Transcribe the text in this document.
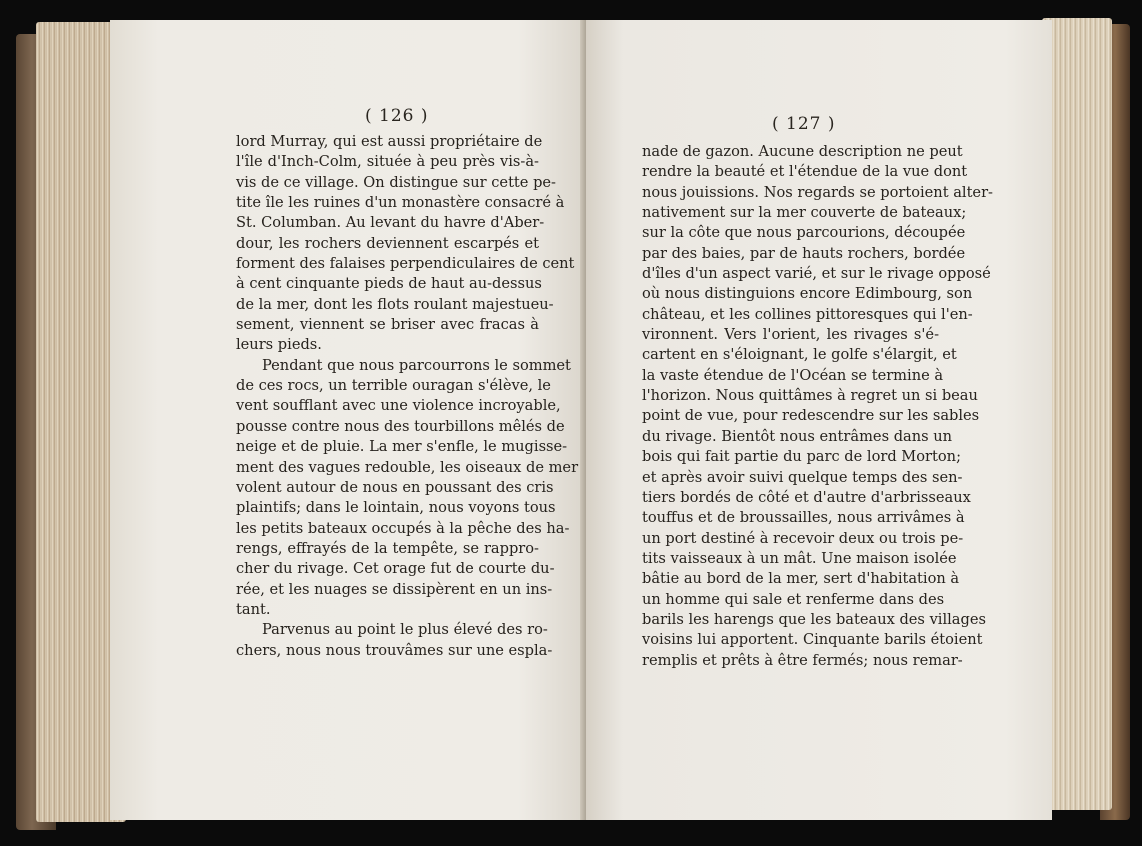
( 126 )
lord Murray, qui est aussi propriétaire de
l'île d'Inch-Colm, située à peu près vis-à-
vis de ce village. On distingue sur cette pe-
tite île les ruines d'un monastère consacré à
St. Columban. Au levant du havre d'Aber-
dour, les rochers deviennent escarpés et
forment des falaises perpendiculaires de cent
à cent cinquante pieds de haut au-dessus
de la mer, dont les flots roulant majestueu-
sement, viennent se briser avec fracas à
leurs pieds.
Pendant que nous parcourrons le sommet
de ces rocs, un terrible ouragan s'élève, le
vent soufflant avec une violence incroyable,
pousse contre nous des tourbillons mêlés de
neige et de pluie. La mer s'enfle, le mugisse-
ment des vagues redouble, les oiseaux de mer
volent autour de nous en poussant des cris
plaintifs; dans le lointain, nous voyons tous
les petits bateaux occupés à la pêche des ha-
rengs, effrayés de la tempête, se rappro-
cher du rivage. Cet orage fut de courte du-
rée, et les nuages se dissipèrent en un ins-
tant.
Parvenus au point le plus élevé des ro-
chers, nous nous trouvâmes sur une espla-
( 127 )
nade de gazon. Aucune description ne peut
rendre la beauté et l'étendue de la vue dont
nous jouissions. Nos regards se portoient alter-
nativement sur la mer couverte de bateaux;
sur la côte que nous parcourions, découpée
par des baies, par de hauts rochers, bordée
d'îles d'un aspect varié, et sur le rivage opposé
où nous distinguions encore Edimbourg, son
château, et les collines pittoresques qui l'en-
vironnent. Vers l'orient, les rivages s'é-
cartent en s'éloignant, le golfe s'élargit, et
la vaste étendue de l'Océan se termine à
l'horizon. Nous quittâmes à regret un si beau
point de vue, pour redescendre sur les sables
du rivage. Bientôt nous entrâmes dans un
bois qui fait partie du parc de lord Morton;
et après avoir suivi quelque temps des sen-
tiers bordés de côté et d'autre d'arbrisseaux
touffus et de broussailles, nous arrivâmes à
un port destiné à recevoir deux ou trois pe-
tits vaisseaux à un mât. Une maison isolée
bâtie au bord de la mer, sert d'habitation à
un homme qui sale et renferme dans des
barils les harengs que les bateaux des villages
voisins lui apportent. Cinquante barils étoient
remplis et prêts à être fermés; nous remar-
